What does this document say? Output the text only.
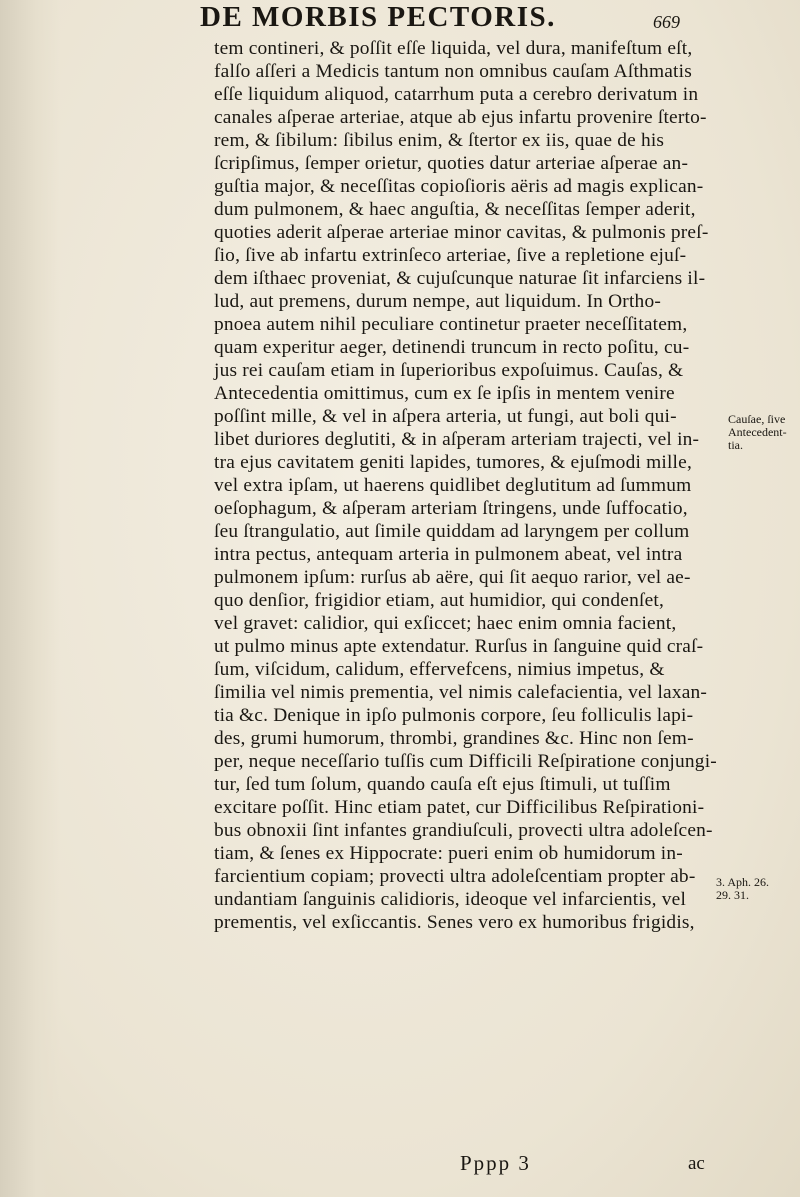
DE MORBIS PECTORIS.	669
tem contineri, & poſſit eſſe liquida, vel dura, manifeſtum eſt,
falſo aſſeri a Medicis tantum non omnibus cauſam Aſthmatis
eſſe liquidum aliquod, catarrhum puta a cerebro derivatum in
canales aſperae arteriae, atque ab ejus infartu provenire ſterto-
rem, & ſibilum: ſibilus enim, & ſtertor ex iis, quae de his
ſcripſimus, ſemper orietur, quoties datur arteriae aſperae an-
guſtia major, & neceſſitas copioſioris aëris ad magis explican-
dum pulmonem, & haec anguſtia, & neceſſitas ſemper aderit,
quoties aderit aſperae arteriae minor cavitas, & pulmonis preſ-
ſio, ſive ab infartu extrinſeco arteriae, ſive a repletione ejuſ-
dem iſthaec proveniat, & cujuſcunque naturae ſit infarciens il-
lud, aut premens, durum nempe, aut liquidum. In Ortho-
pnoea autem nihil peculiare continetur praeter neceſſitatem,
quam experitur aeger, detinendi truncum in recto poſitu, cu-
jus rei cauſam etiam in ſuperioribus expoſuimus. Cauſas, &
Antecedentia omittimus, cum ex ſe ipſis in mentem venire
poſſint mille, & vel in aſpera arteria, ut fungi, aut boli qui-
libet duriores deglutiti, & in aſperam arteriam trajecti, vel in-
tra ejus cavitatem geniti lapides, tumores, & ejuſmodi mille,
vel extra ipſam, ut haerens quidlibet deglutitum ad ſummum
oeſophagum, & aſperam arteriam ſtringens, unde ſuffocatio,
ſeu ſtrangulatio, aut ſimile quiddam ad laryngem per collum
intra pectus, antequam arteria in pulmonem abeat, vel intra
pulmonem ipſum: rurſus ab aëre, qui ſit aequo rarior, vel ae-
quo denſior, frigidior etiam, aut humidior, qui condenſet,
vel gravet: calidior, qui exſiccet; haec enim omnia facient,
ut pulmo minus apte extendatur. Rurſus in ſanguine quid craſ-
ſum, viſcidum, calidum, effervefcens, nimius impetus, &
ſimilia vel nimis prementia, vel nimis calefacientia, vel laxan-
tia &c. Denique in ipſo pulmonis corpore, ſeu folliculis lapi-
des, grumi humorum, thrombi, grandines &c. Hinc non ſem-
per, neque neceſſario tuſſis cum Difficili Reſpiratione conjungi-
tur, ſed tum ſolum, quando cauſa eſt ejus ſtimuli, ut tuſſim
excitare poſſit. Hinc etiam patet, cur Difficilibus Reſpirationi-
bus obnoxii ſint infantes grandiuſculi, provecti ultra adoleſcen-
tiam, & ſenes ex Hippocrate: pueri enim ob humidorum in-
farcientium copiam; provecti ultra adoleſcentiam propter ab-
undantiam ſanguinis calidioris, ideoque vel infarcientis, vel
prementis, vel exſiccantis. Senes vero ex humoribus frigidis,
Cauſae, ſive
Antecedent-
tia.
3. Aph. 26.
29. 31.
Pppp 3	ac
